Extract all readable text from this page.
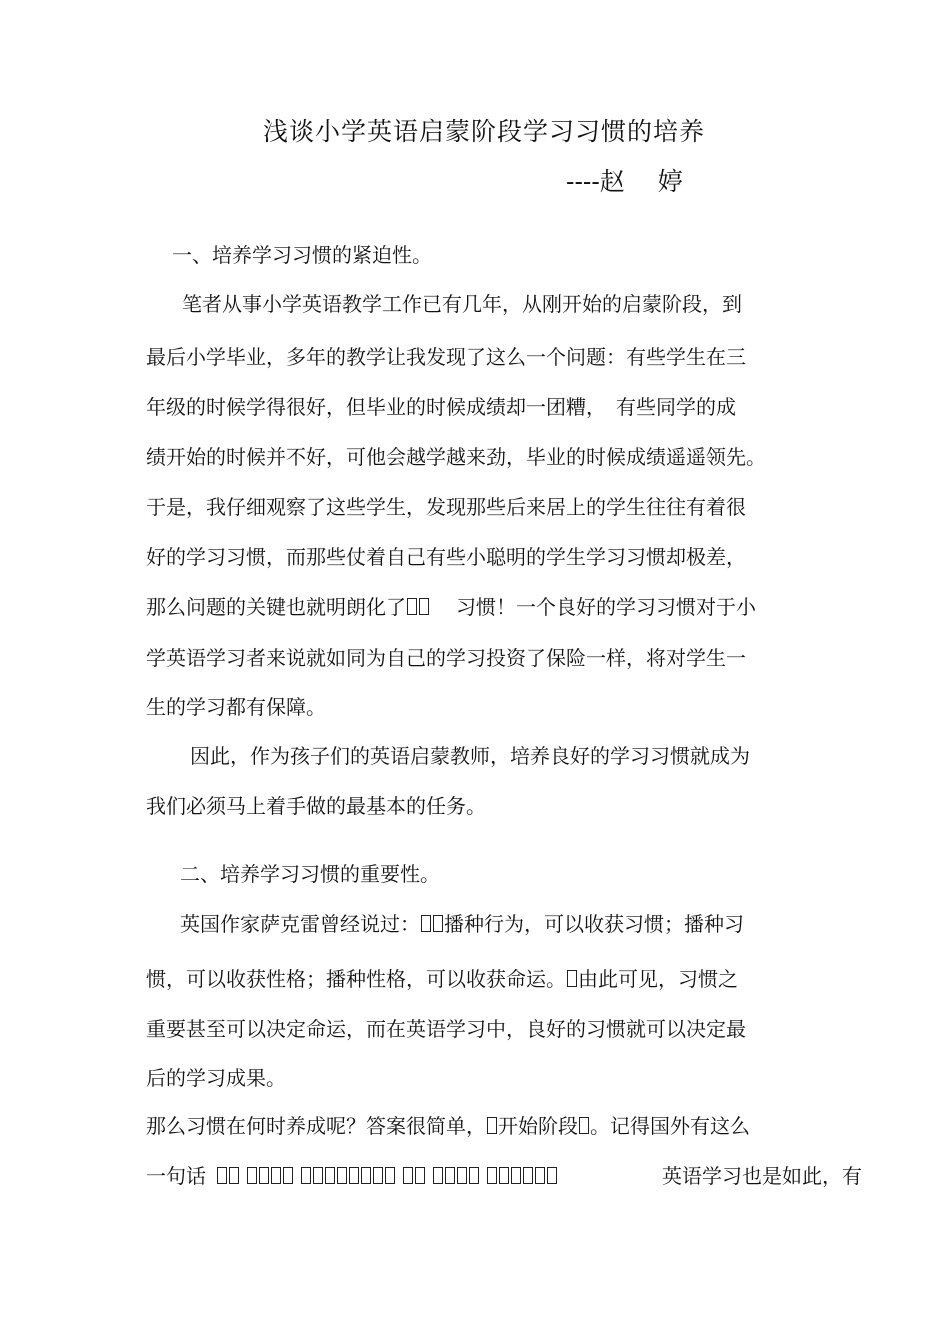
浅谈小学英语启蒙阶段学习习惯的培养
----赵　 婷
一、培养学习习惯的紧迫性。
笔者从事小学英语教学工作已有几年，从刚开始的启蒙阶段，到
最后小学毕业，多年的教学让我发现了这么一个问题：有些学生在三
年级的时候学得很好，但毕业的时候成绩却一团糟，　有些同学的成
绩开始的时候并不好，可他会越学越来劲，毕业的时候成绩遥遥领先。
于是，我仔细观察了这些学生，发现那些后来居上的学生往往有着很
好的学习习惯，而那些仗着自己有些小聪明的学生学习习惯却极差，
那么问题的关键也就明朗化了	习惯！一个良好的学习习惯对于小
学英语学习者来说就如同为自己的学习投资了保险一样，将对学生一
生的学习都有保障。
因此，作为孩子们的英语启蒙教师，培养良好的学习习惯就成为
我们必须马上着手做的最基本的任务。
二、培养学习习惯的重要性。
英国作家萨克雷曾经说过： 播种行为，可以收获习惯；播种习
惯，可以收获性格；播种性格，可以收获命运。 由此可见，习惯之
重要甚至可以决定命运，而在英语学习中，良好的习惯就可以决定最
后的学习成果。
那么习惯在何时养成呢？答案很简单， 开始阶段 。记得国外有这么
一句话	英语学习也是如此，有
